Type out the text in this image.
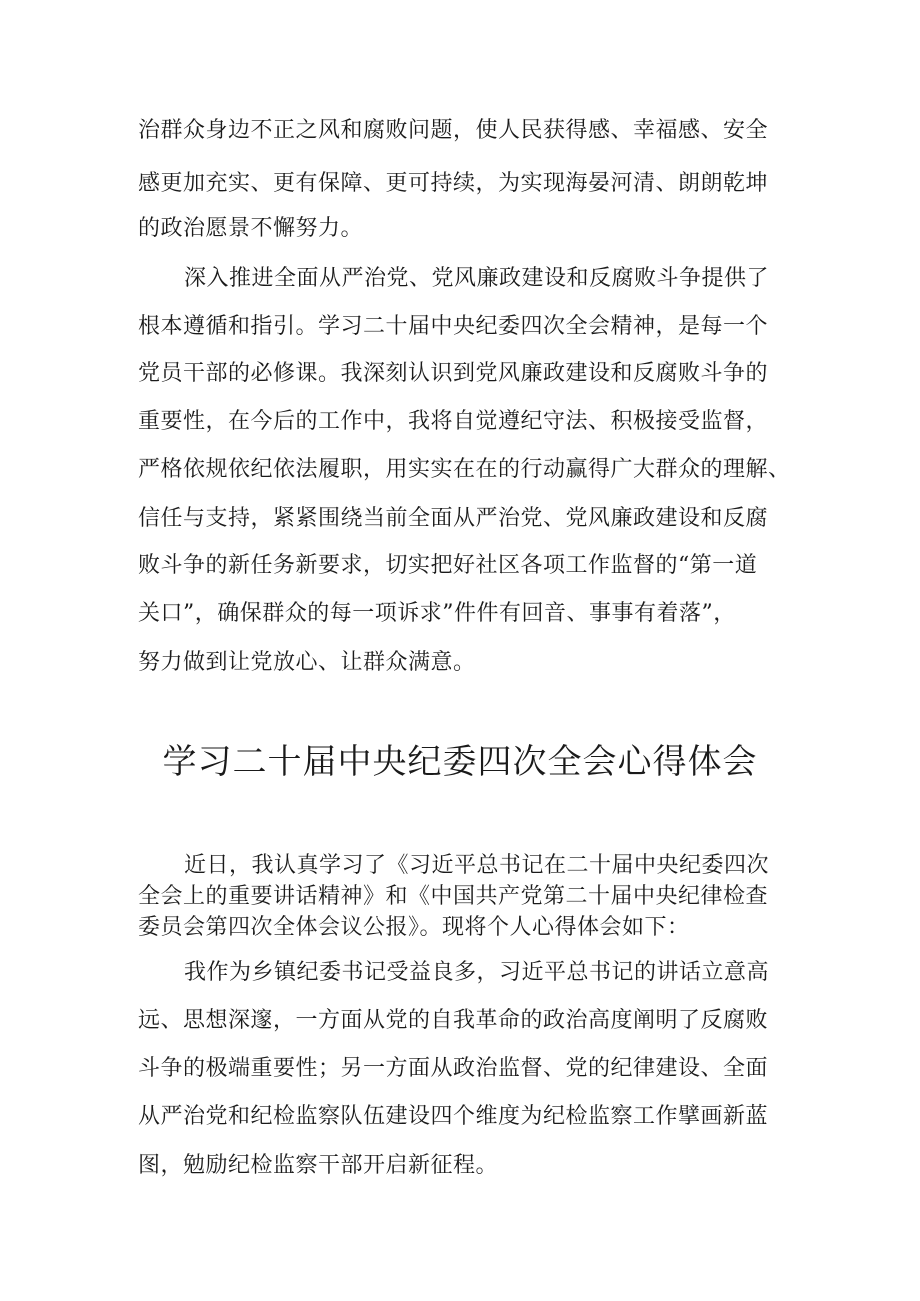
治群众身边不正之风和腐败问题，使人民获得感、幸福感、安全
感更加充实、更有保障、更可持续，为实现海晏河清、朗朗乾坤
的政治愿景不懈努力。
深入推进全面从严治党、党风廉政建设和反腐败斗争提供了
根本遵循和指引。学习二十届中央纪委四次全会精神，是每一个
党员干部的必修课。我深刻认识到党风廉政建设和反腐败斗争的
重要性，在今后的工作中，我将自觉遵纪守法、积极接受监督，
严格依规依纪依法履职，用实实在在的行动赢得广大群众的理解、
信任与支持，紧紧围绕当前全面从严治党、党风廉政建设和反腐
败斗争的新任务新要求，切实把好社区各项工作监督的“第一道
关口”，确保群众的每一项诉求”件件有回音、事事有着落”，
努力做到让党放心、让群众满意。
学习二十届中央纪委四次全会心得体会
近日，我认真学习了《习近平总书记在二十届中央纪委四次
全会上的重要讲话精神》和《中国共产党第二十届中央纪律检查
委员会第四次全体会议公报》。现将个人心得体会如下：
我作为乡镇纪委书记受益良多，习近平总书记的讲话立意高
远、思想深邃，一方面从党的自我革命的政治高度阐明了反腐败
斗争的极端重要性；另一方面从政治监督、党的纪律建设、全面
从严治党和纪检监察队伍建设四个维度为纪检监察工作擘画新蓝
图，勉励纪检监察干部开启新征程。
